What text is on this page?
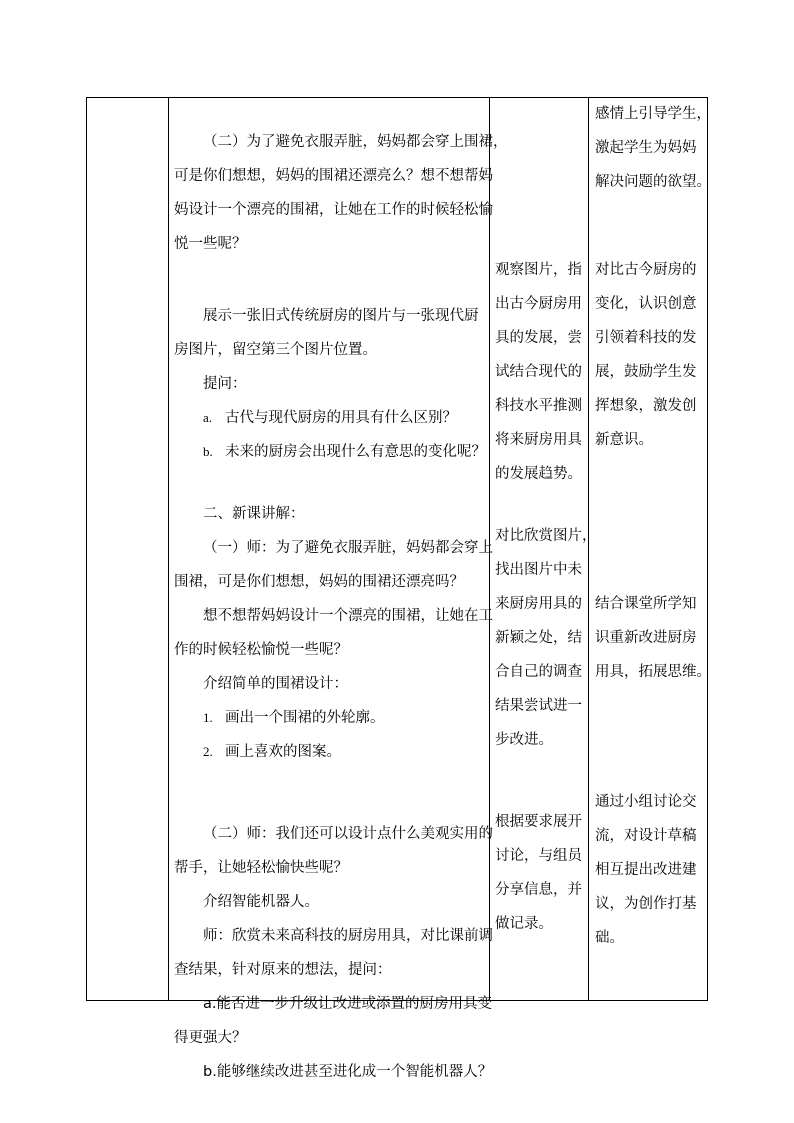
（二）为了避免衣服弄脏，妈妈都会穿上围裙，
可是你们想想，妈妈的围裙还漂亮么？想不想帮妈
妈设计一个漂亮的围裙，让她在工作的时候轻松愉
悦一些呢？
展示一张旧式传统厨房的图片与一张现代厨
房图片，留空第三个图片位置。
提问：
a. 古代与现代厨房的用具有什么区别？
b. 未来的厨房会出现什么有意思的变化呢？
二、新课讲解：
（一）师：为了避免衣服弄脏，妈妈都会穿上
围裙，可是你们想想，妈妈的围裙还漂亮吗？
想不想帮妈妈设计一个漂亮的围裙，让她在工
作的时候轻松愉悦一些呢？
介绍简单的围裙设计：
1. 画出一个围裙的外轮廓。
2. 画上喜欢的图案。
（二）师：我们还可以设计点什么美观实用的
帮手，让她轻松愉快些呢？
介绍智能机器人。
师：欣赏未来高科技的厨房用具，对比课前调
查结果，针对原来的想法，提问：
a.能否进一步升级让改进或添置的厨房用具变
得更强大？
b.能够继续改进甚至进化成一个智能机器人？
观察图片，指
出古今厨房用
具的发展，尝
试结合现代的
科技水平推测
将来厨房用具
的发展趋势。
对比欣赏图片，
找出图片中未
来厨房用具的
新颖之处，结
合自己的调查
结果尝试进一
步改进。
根据要求展开
讨论，与组员
分享信息，并
做记录。
感情上引导学生，
激起学生为妈妈
解决问题的欲望。
对比古今厨房的
变化，认识创意
引领着科技的发
展，鼓励学生发
挥想象，激发创
新意识。
结合课堂所学知
识重新改进厨房
用具，拓展思维。
通过小组讨论交
流，对设计草稿
相互提出改进建
议，为创作打基
础。
